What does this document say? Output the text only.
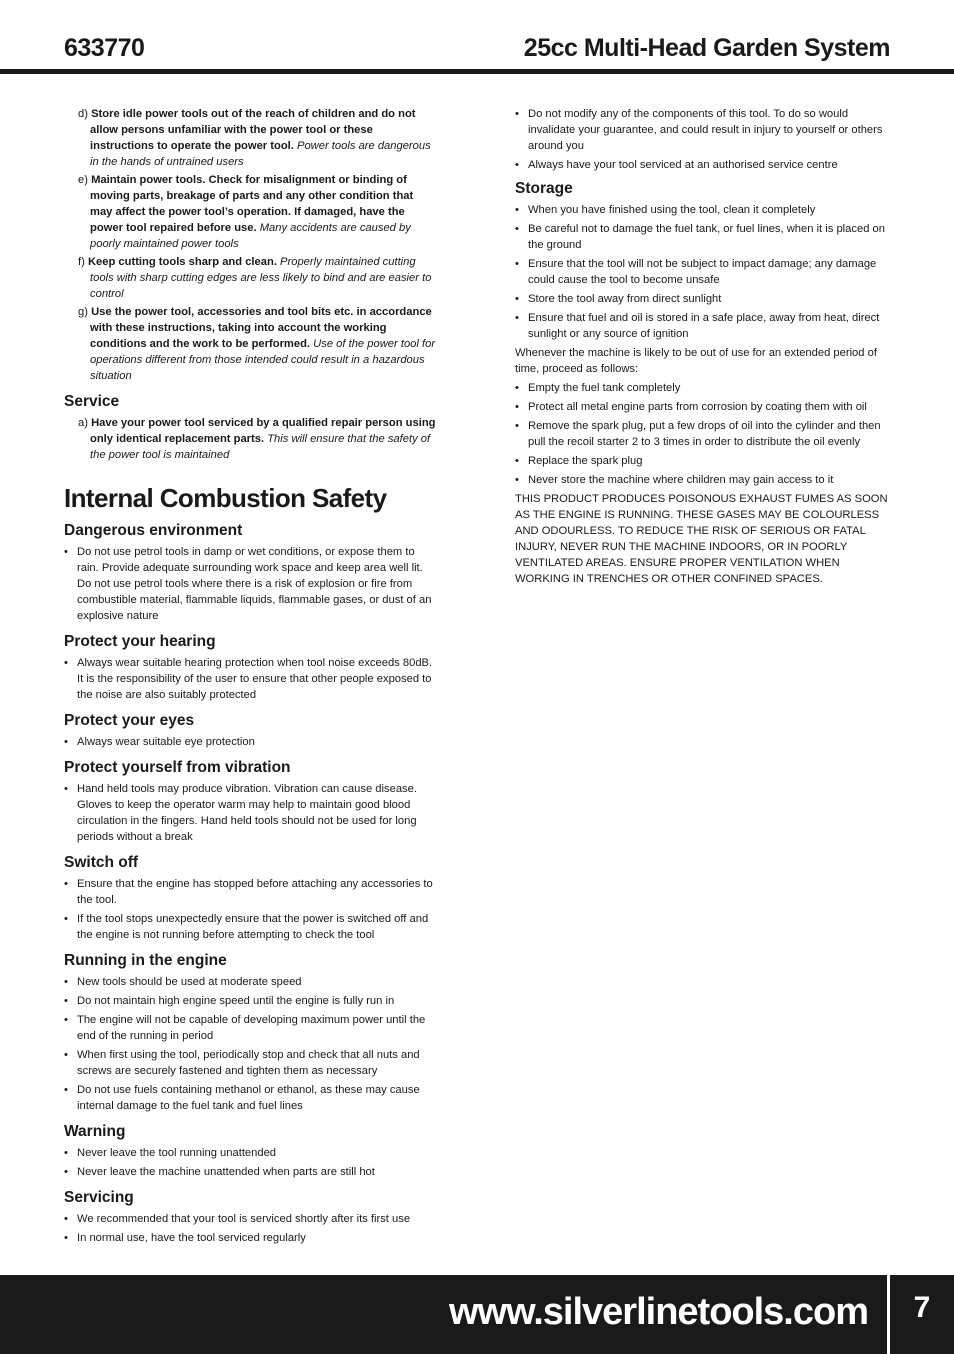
633770	25cc Multi-Head Garden System

d) Store idle power tools out of the reach of children and do not allow persons unfamiliar with the power tool or these instructions to operate the power tool. Power tools are dangerous in the hands of untrained users

e) Maintain power tools. Check for misalignment or binding of moving parts, breakage of parts and any other condition that may affect the power tool’s operation. If damaged, have the power tool repaired before use. Many accidents are caused by poorly maintained power tools

f) Keep cutting tools sharp and clean. Properly maintained cutting tools with sharp cutting edges are less likely to bind and are easier to control

g) Use the power tool, accessories and tool bits etc. in accordance with these instructions, taking into account the working conditions and the work to be performed. Use of the power tool for operations different from those intended could result in a hazardous situation

Service

a) Have your power tool serviced by a qualified repair person using only identical replacement parts. This will ensure that the safety of the power tool is maintained

Internal Combustion Safety
Dangerous environment
• Do not use petrol tools in damp or wet conditions, or expose them to rain. Provide adequate surrounding work space and keep area well lit. Do not use petrol tools where there is a risk of explosion or fire from combustible material, flammable liquids, flammable gases, or dust of an explosive nature
Protect your hearing
• Always wear suitable hearing protection when tool noise exceeds 80dB. It is the responsibility of the user to ensure that other people exposed to the noise are also suitably protected
Protect your eyes
• Always wear suitable eye protection
Protect yourself from vibration
• Hand held tools may produce vibration. Vibration can cause disease. Gloves to keep the operator warm may help to maintain good blood circulation in the fingers. Hand held tools should not be used for long periods without a break
Switch off
• Ensure that the engine has stopped before attaching any accessories to the tool.
• If the tool stops unexpectedly ensure that the power is switched off and the engine is not running before attempting to check the tool
Running in the engine
• New tools should be used at moderate speed
• Do not maintain high engine speed until the engine is fully run in
• The engine will not be capable of developing maximum power until the end of the running in period
• When first using the tool, periodically stop and check that all nuts and screws are securely fastened and tighten them as necessary
• Do not use fuels containing methanol or ethanol, as these may cause internal damage to the fuel tank and fuel lines
Warning
• Never leave the tool running unattended
• Never leave the machine unattended when parts are still hot
Servicing
• We recommended that your tool is serviced shortly after its first use
• In normal use, have the tool serviced regularly
• Do not modify any of the components of this tool. To do so would invalidate your guarantee, and could result in injury to yourself or others around you
• Always have your tool serviced at an authorised service centre
Storage
• When you have finished using the tool, clean it completely
• Be careful not to damage the fuel tank, or fuel lines, when it is placed on the ground
• Ensure that the tool will not be subject to impact damage; any damage could cause the tool to become unsafe
• Store the tool away from direct sunlight
• Ensure that fuel and oil is stored in a safe place, away from heat, direct sunlight or any source of ignition

Whenever the machine is likely to be out of use for an extended period of time, proceed as follows:

• Empty the fuel tank completely
• Protect all metal engine parts from corrosion by coating them with oil
• Remove the spark plug, put a few drops of oil into the cylinder and then pull the recoil starter 2 to 3 times in order to distribute the oil evenly
• Replace the spark plug
• Never store the machine where children may gain access to it

THIS PRODUCT PRODUCES POISONOUS EXHAUST FUMES AS SOON AS THE ENGINE IS RUNNING. THESE GASES MAY BE COLOURLESS AND ODOURLESS. TO REDUCE THE RISK OF SERIOUS OR FATAL INJURY, NEVER RUN THE MACHINE INDOORS, OR IN POORLY VENTILATED AREAS. ENSURE PROPER VENTILATION WHEN WORKING IN TRENCHES OR OTHER CONFINED SPACES.

www.silverlinetools.com	7
